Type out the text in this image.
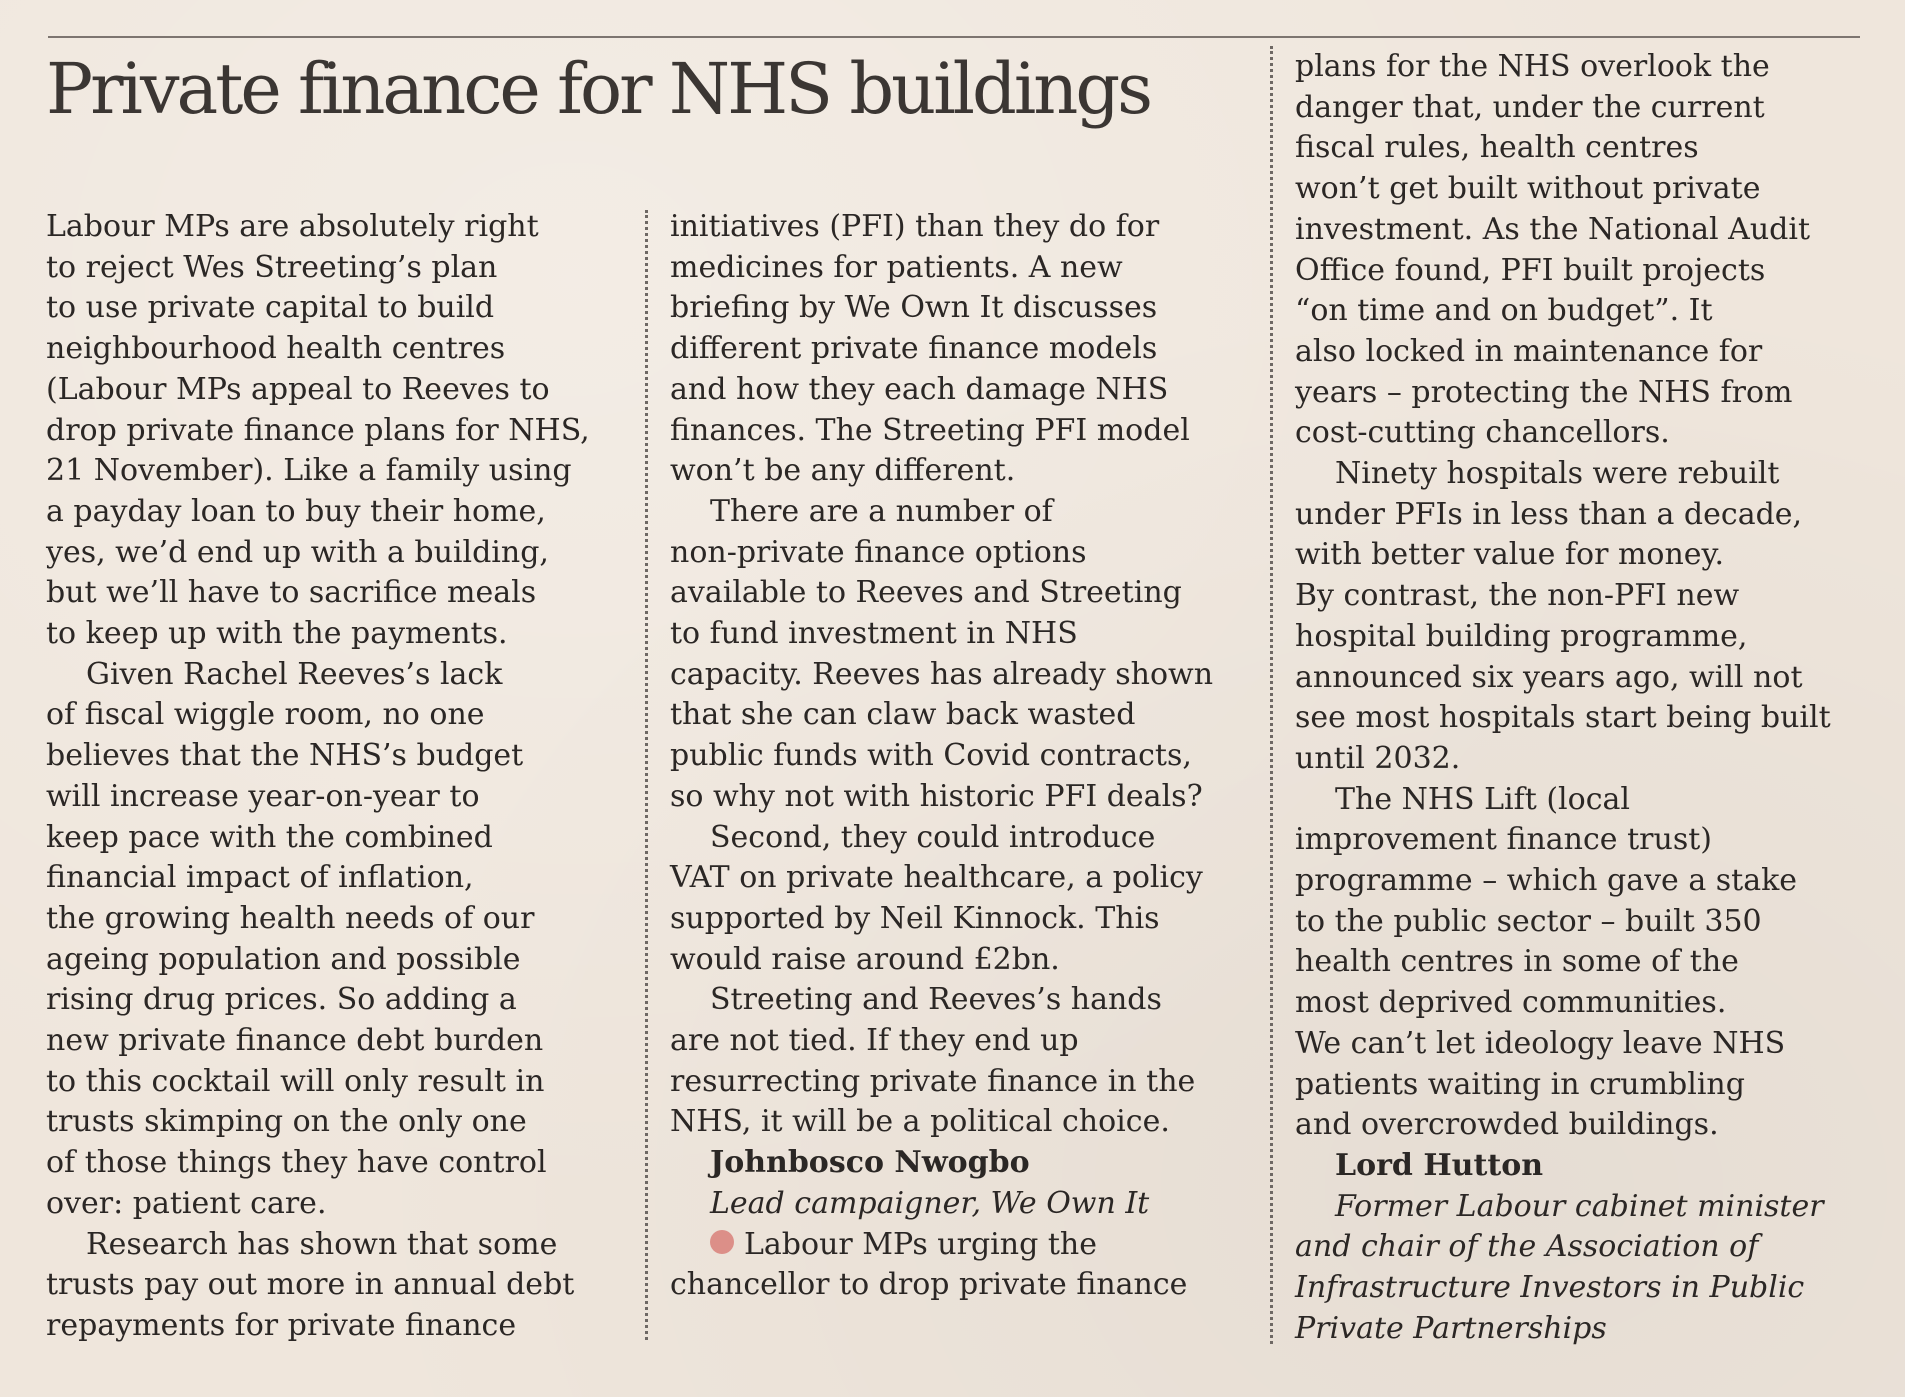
Private finance for NHS buildings

Labour MPs are absolutely right
to reject Wes Streeting’s plan
to use private capital to build
neighbourhood health centres
(Labour MPs appeal to Reeves to
drop private finance plans for NHS,
21 November). Like a family using
a payday loan to buy their home,
yes, we’d end up with a building,
but we’ll have to sacrifice meals
to keep up with the payments.

Given Rachel Reeves’s lack
of fiscal wiggle room, no one
believes that the NHS’s budget
will increase year-on-year to
keep pace with the combined
financial impact of inflation,
the growing health needs of our
ageing population and possible
rising drug prices. So adding a
new private finance debt burden
to this cocktail will only result in
trusts skimping on the only one
of those things they have control
over: patient care.

Research has shown that some
trusts pay out more in annual debt
repayments for private finance

initiatives (PFI) than they do for
medicines for patients. A new
briefing by We Own It discusses
different private finance models
and how they each damage NHS
finances. The Streeting PFI model
won’t be any different.

There are a number of
non-private finance options
available to Reeves and Streeting
to fund investment in NHS
capacity. Reeves has already shown
that she can claw back wasted
public funds with Covid contracts,
so why not with historic PFI deals?

Second, they could introduce
VAT on private healthcare, a policy
supported by Neil Kinnock. This
would raise around £2bn.

Streeting and Reeves’s hands
are not tied. If they end up
resurrecting private finance in the
NHS, it will be a political choice.

Johnbosco Nwogbo

Lead campaigner, We Own It

Labour MPs urging the
chancellor to drop private finance

plans for the NHS overlook the
danger that, under the current
fiscal rules, health centres
won’t get built without private
investment. As the National Audit
Office found, PFI built projects
“on time and on budget”. It
also locked in maintenance for
years – protecting the NHS from
cost-cutting chancellors.

Ninety hospitals were rebuilt
under PFIs in less than a decade,
with better value for money.
By contrast, the non-PFI new
hospital building programme,
announced six years ago, will not
see most hospitals start being built
until 2032.

The NHS Lift (local
improvement finance trust)
programme – which gave a stake
to the public sector – built 350
health centres in some of the
most deprived communities.
We can’t let ideology leave NHS
patients waiting in crumbling
and overcrowded buildings.

Lord Hutton

Former Labour cabinet minister
and chair of the Association of
Infrastructure Investors in Public
Private Partnerships
